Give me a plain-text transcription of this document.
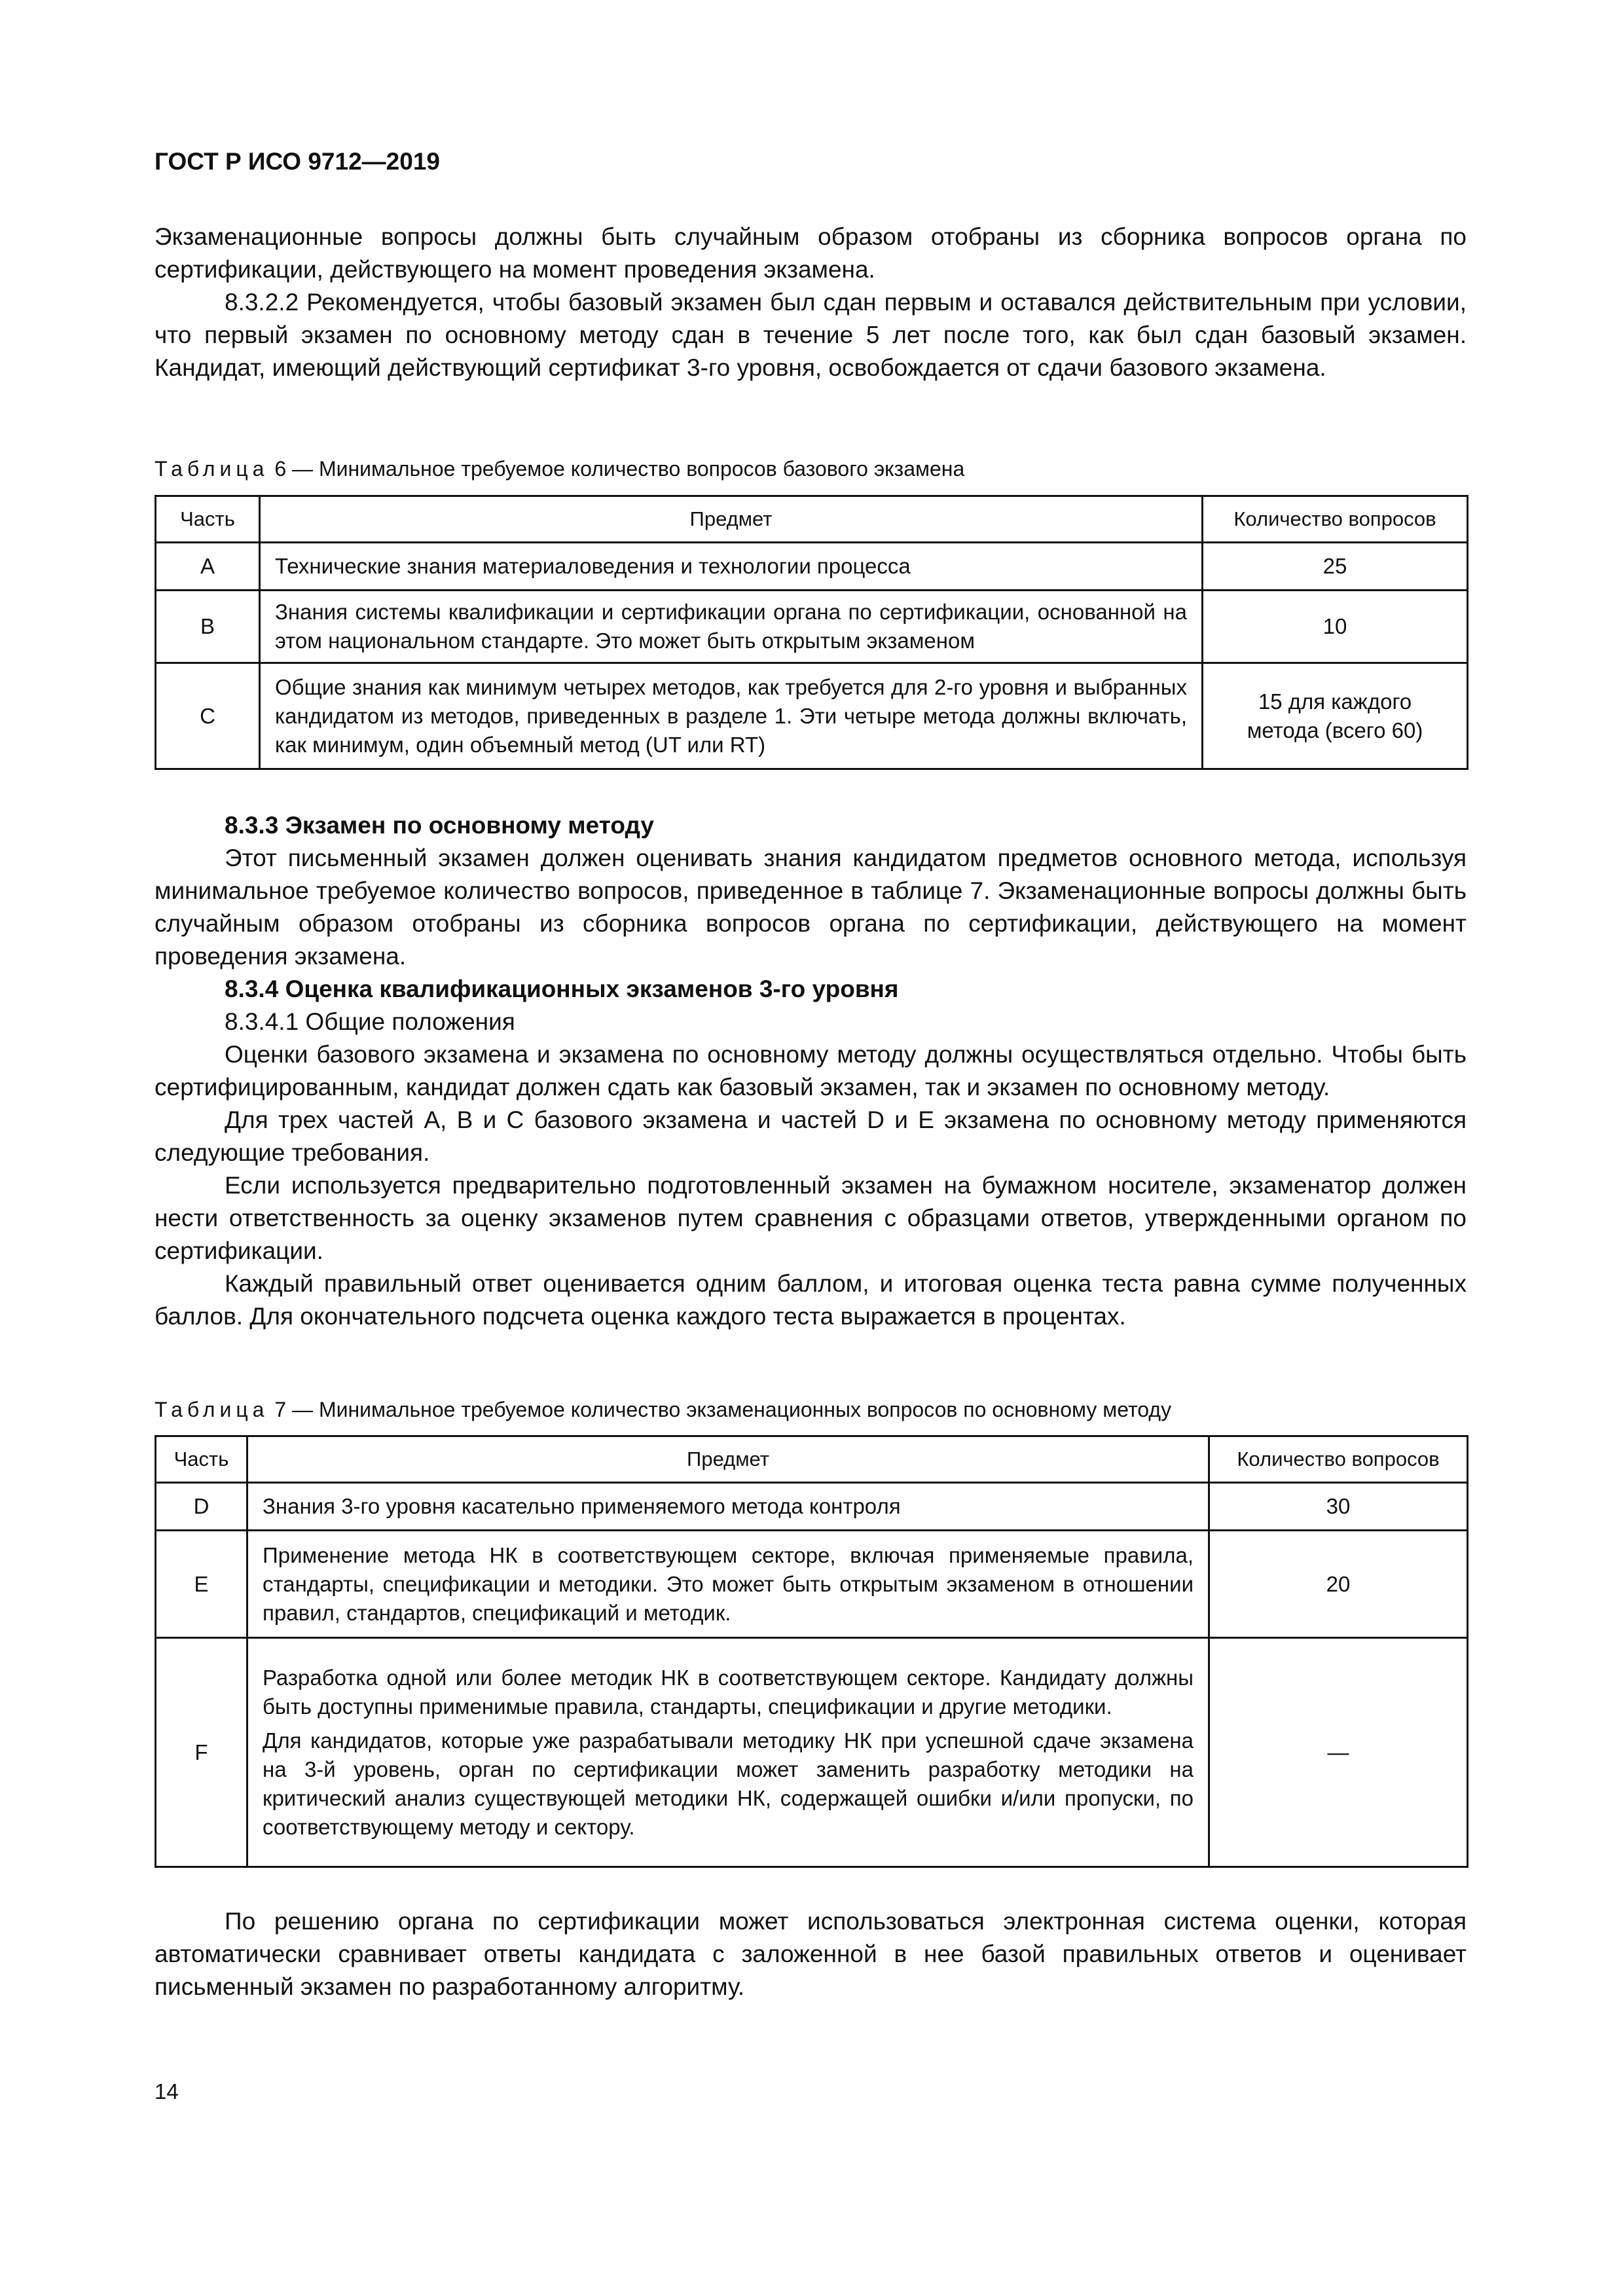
ГОСТ Р ИСО 9712—2019

Экзаменационные вопросы должны быть случайным образом отобраны из сборника вопросов органа по сертификации, действующего на момент проведения экзамена.

8.3.2.2 Рекомендуется, чтобы базовый экзамен был сдан первым и оставался действительным при условии, что первый экзамен по основному методу сдан в течение 5 лет после того, как был сдан базовый экзамен. Кандидат, имеющий действующий сертификат 3-го уровня, освобождается от сдачи базового экзамена.

Таблица 6 — Минимальное требуемое количество вопросов базового экзамена

Часть	Предмет	Количество вопросов
A	Технические знания материаловедения и технологии процесса	25
B	Знания системы квалификации и сертификации органа по сертификации, основанной на этом национальном стандарте. Это может быть открытым экзаменом	10
C	Общие знания как минимум четырех методов, как требуется для 2-го уровня и выбранных кандидатом из методов, приведенных в разделе 1. Эти четыре метода должны включать, как минимум, один объемный метод (UT или RT)	15 для каждого метода (всего 60)

8.3.3 Экзамен по основному методу

Этот письменный экзамен должен оценивать знания кандидатом предметов основного метода, используя минимальное требуемое количество вопросов, приведенное в таблице 7. Экзаменационные вопросы должны быть случайным образом отобраны из сборника вопросов органа по сертификации, действующего на момент проведения экзамена.

8.3.4 Оценка квалификационных экзаменов 3-го уровня

8.3.4.1 Общие положения

Оценки базового экзамена и экзамена по основному методу должны осуществляться отдельно. Чтобы быть сертифицированным, кандидат должен сдать как базовый экзамен, так и экзамен по основному методу.

Для трех частей A, B и C базового экзамена и частей D и E экзамена по основному методу применяются следующие требования.

Если используется предварительно подготовленный экзамен на бумажном носителе, экзаменатор должен нести ответственность за оценку экзаменов путем сравнения с образцами ответов, утвержденными органом по сертификации.

Каждый правильный ответ оценивается одним баллом, и итоговая оценка теста равна сумме полученных баллов. Для окончательного подсчета оценка каждого теста выражается в процентах.

Таблица 7 — Минимальное требуемое количество экзаменационных вопросов по основному методу

Часть	Предмет	Количество вопросов
D	Знания 3-го уровня касательно применяемого метода контроля	30
E	Применение метода НК в соответствующем секторе, включая применяемые правила, стандарты, спецификации и методики. Это может быть открытым экзаменом в отношении правил, стандартов, спецификаций и методик.	20
F	Разработка одной или более методик НК в соответствующем секторе. Кандидату должны быть доступны применимые правила, стандарты, спецификации и другие методики.
Для кандидатов, которые уже разрабатывали методику НК при успешной сдаче экзамена на 3-й уровень, орган по сертификации может заменить разработку методики на критический анализ существующей методики НК, содержащей ошибки и/или пропуски, по соответствующему методу и сектору.	—

По решению органа по сертификации может использоваться электронная система оценки, которая автоматически сравнивает ответы кандидата с заложенной в нее базой правильных ответов и оценивает письменный экзамен по разработанному алгоритму.

14
